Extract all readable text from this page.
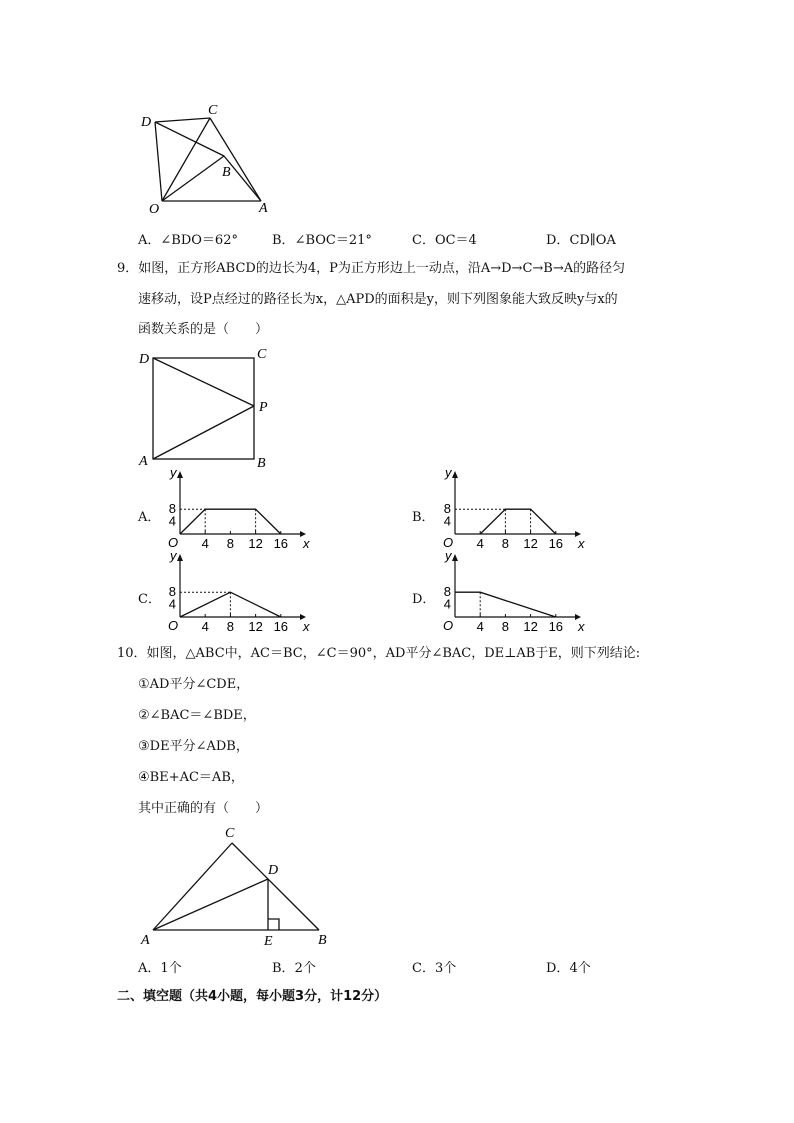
D
C
B
O	A
A．∠BDO＝62°	B．∠BOC＝21°	C．OC＝4	D．CD∥OA
9．如图，正方形ABCD的边长为4，P为正方形边上一动点，沿A→D→C→B→A的路径匀
速移动，设P点经过的路径长为x，△APD的面积是y，则下列图象能大致反映y与x的
函数关系的是（　　）
D	C
P
A	B
A．	B．
C．	D．
O	x
y
4 8 12 16
4
8
O	x
y
4 8 12 16
4
8
O	x
y
4 8 12 16
4
8
O	x
y
4 8 12 16
4
8
10．如图，△ABC中，AC＝BC，∠C＝90°，AD平分∠BAC，DE⊥AB于E，则下列结论:
①AD平分∠CDE，
②∠BAC＝∠BDE，
③DE平分∠ADB，
④BE+AC＝AB，
其中正确的有（　　）
C
D
A	E	B
A．1个	B．2个	C．3个	D．4个
二、填空题（共4小题，每小题3分，计12分）
